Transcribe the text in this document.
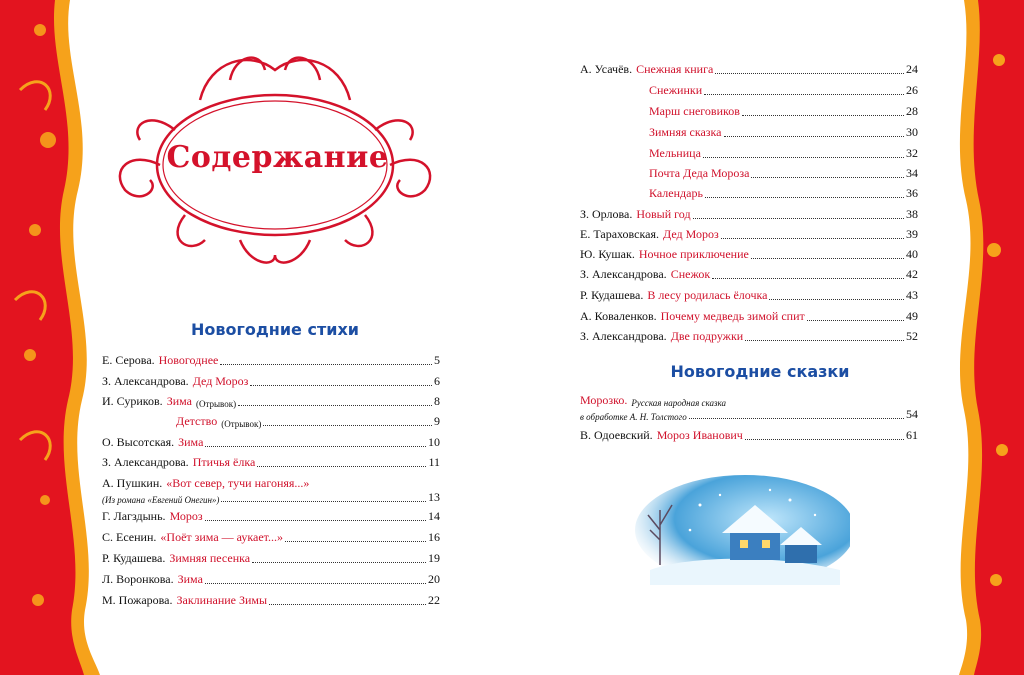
Содержание
Новогодние стихи
Е. Серова. Новогоднее	5
З. Александрова. Дед Мороз	6
И. Суриков. Зима (Отрывок)	8
Детство (Отрывок)	9
О. Высотская. Зима	10
З. Александрова. Птичья ёлка	11
А. Пушкин. «Вот север, тучи нагоняя...»
(Из романа «Евгений Онегин»)	13
Г. Лагздынь. Мороз	14
С. Есенин. «Поёт зима — аукает...»	16
Р. Кудашева. Зимняя песенка	19
Л. Воронкова. Зима	20
М. Пожарова. Заклинание Зимы	22
А. Усачёв. Снежная книга	24
Снежинки	26
Марш снеговиков	28
Зимняя сказка	30
Мельница	32
Почта Деда Мороза	34
Календарь	36
З. Орлова. Новый год	38
Е. Тараховская. Дед Мороз	39
Ю. Кушак. Ночное приключение	40
З. Александрова. Снежок	42
Р. Кудашева. В лесу родилась ёлочка	43
А. Коваленков. Почему медведь зимой спит	49
З. Александрова. Две подружки	52
Новогодние сказки
Морозко. Русская народная сказка
в обработке А. Н. Толстого	54
В. Одоевский. Мороз Иванович	61
